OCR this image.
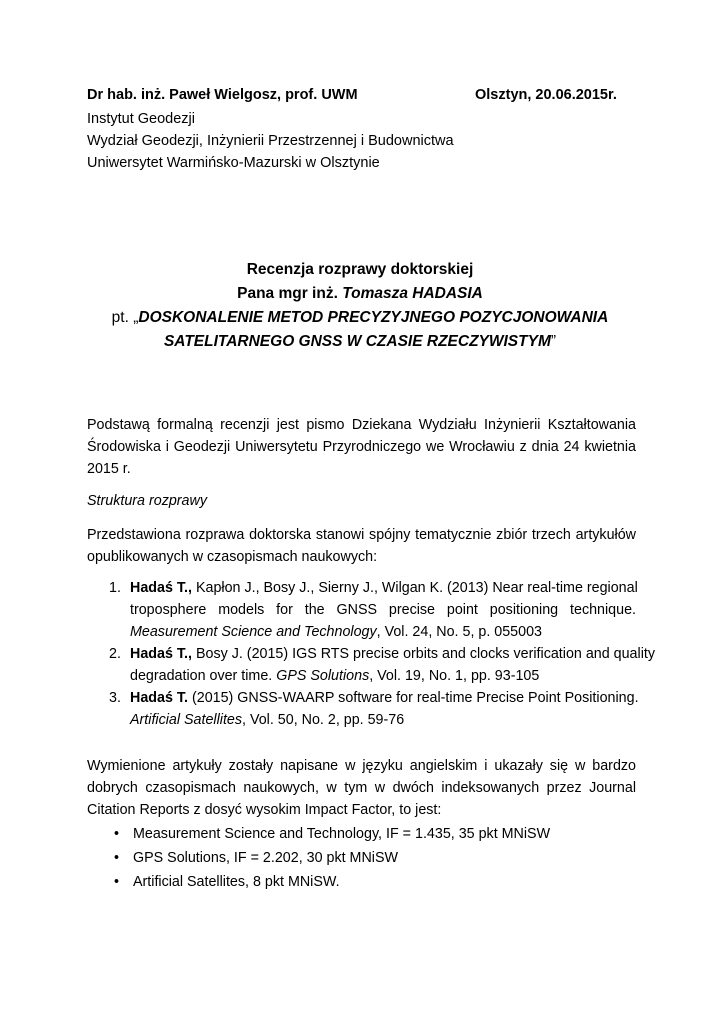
Dr hab. inż. Paweł Wielgosz, prof. UWM	Olsztyn, 20.06.2015r.
Instytut Geodezji
Wydział Geodezji, Inżynierii Przestrzennej i Budownictwa
Uniwersytet Warmińsko-Mazurski w Olsztynie
Recenzja rozprawy doktorskiej
Pana mgr inż. Tomasza HADASIA
pt. „DOSKONALENIE METOD PRECYZYJNEGO POZYCJONOWANIA
SATELITARNEGO GNSS W CZASIE RZECZYWISTYM”
Podstawą formalną recenzji jest pismo Dziekana Wydziału Inżynierii Kształtowania
Środowiska i Geodezji Uniwersytetu Przyrodniczego we Wrocławiu z dnia 24 kwietnia
2015 r.
Struktura rozprawy
Przedstawiona rozprawa doktorska stanowi spójny tematycznie zbiór trzech artykułów
opublikowanych w czasopismach naukowych:
1. Hadaś T., Kapłon J., Bosy J., Sierny J., Wilgan K. (2013) Near real-time regional
troposphere models for the GNSS precise point positioning technique.
Measurement Science and Technology, Vol. 24, No. 5, p. 055003
2. Hadaś T., Bosy J. (2015) IGS RTS precise orbits and clocks verification and quality
degradation over time. GPS Solutions, Vol. 19, No. 1, pp. 93-105
3. Hadaś T. (2015) GNSS-WAARP software for real-time Precise Point Positioning.
Artificial Satellites, Vol. 50, No. 2, pp. 59-76
Wymienione artykuły zostały napisane w języku angielskim i ukazały się w bardzo
dobrych czasopismach naukowych, w tym w dwóch indeksowanych przez Journal
Citation Reports z dosyć wysokim Impact Factor, to jest:
• Measurement Science and Technology, IF = 1.435, 35 pkt MNiSW
• GPS Solutions, IF = 2.202, 30 pkt MNiSW
• Artificial Satellites, 8 pkt MNiSW.
